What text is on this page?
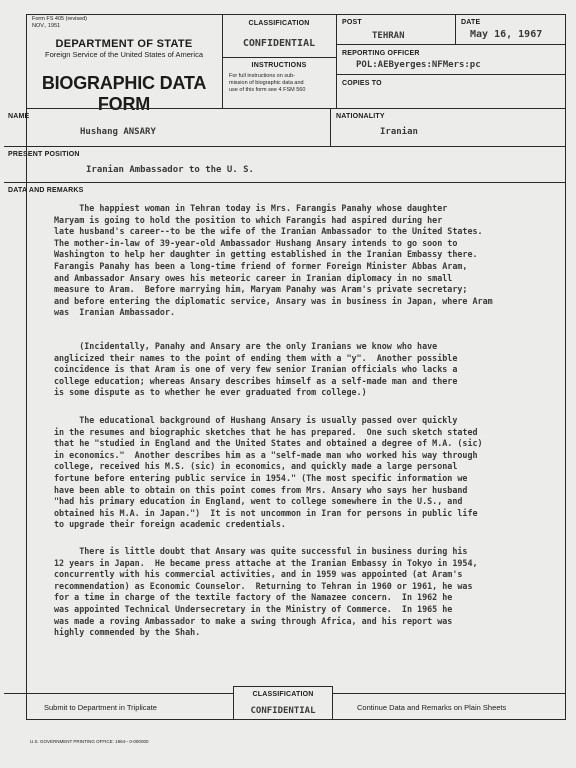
Form FS 405 (revised)
NOV., 1951
DEPARTMENT OF STATE
Foreign Service of the United States of America
BIOGRAPHIC DATA FORM
CLASSIFICATION
CONFIDENTIAL
INSTRUCTIONS
For full instructions on sub-
mission of biographic data and
use of this form see 4 FSM 560
POST
TEHRAN
DATE
May 16, 1967
REPORTING OFFICER
POL:AEByerges:NFMers:pc
COPIES TO
NAME
Hushang ANSARY
NATIONALITY
Iranian
PRESENT POSITION
Iranian Ambassador to the U. S.
DATA AND REMARKS
The happiest woman in Tehran today is Mrs. Farangis Panahy whose daughter
Maryam is going to hold the position to which Farangis had aspired during her
late husband's career--to be the wife of the Iranian Ambassador to the United States.
The mother-in-law of 39-year-old Ambassador Hushang Ansary intends to go soon to
Washington to help her daughter in getting established in the Iranian Embassy there.
Farangis Panahy has been a long-time friend of former Foreign Minister Abbas Aram,
and Ambassador Ansary owes his meteoric career in Iranian diplomacy in no small
measure to Aram.  Before marrying him, Maryam Panahy was Aram's private secretary;
and before entering the diplomatic service, Ansary was in business in Japan, where Aram
was  Iranian Ambassador.
(Incidentally, Panahy and Ansary are the only Iranians we know who have
anglicized their names to the point of ending them with a "y".  Another possible
coincidence is that Aram is one of very few senior Iranian officials who lacks a
college education; whereas Ansary describes himself as a self-made man and there
is some dispute as to whether he ever graduated from college.)
The educational background of Hushang Ansary is usually passed over quickly
in the resumes and biographic sketches that he has prepared.  One such sketch stated
that he "studied in England and the United States and obtained a degree of M.A. (sic)
in economics."  Another describes him as a "self-made man who worked his way through
college, received his M.S. (sic) in economics, and quickly made a large personal
fortune before entering public service in 1954." (The most specific information we
have been able to obtain on this point comes from Mrs. Ansary who says her husband
"had his primary education in England, went to college somewhere in the U.S., and
obtained his M.A. in Japan.")  It is not uncommon in Iran for persons in public life
to upgrade their foreign academic credentials.
There is little doubt that Ansary was quite successful in business during his
12 years in Japan.  He became press attache at the Iranian Embassy in Tokyo in 1954,
concurrently with his commercial activities, and in 1959 was appointed (at Aram's
recommendation) as Economic Counselor.  Returning to Tehran in 1960 or 1961, he was
for a time in charge of the textile factory of the Namazee concern.  In 1962 he
was appointed Technical Undersecretary in the Ministry of Commerce.  In 1965 he
was made a roving Ambassador to make a swing through Africa, and his report was
highly commended by the Shah.
Submit to Department in Triplicate
CLASSIFICATION
CONFIDENTIAL	Continue Data and Remarks on Plain Sheets
U.S. GOVERNMENT PRINTING OFFICE: 1964-- 0-000000
